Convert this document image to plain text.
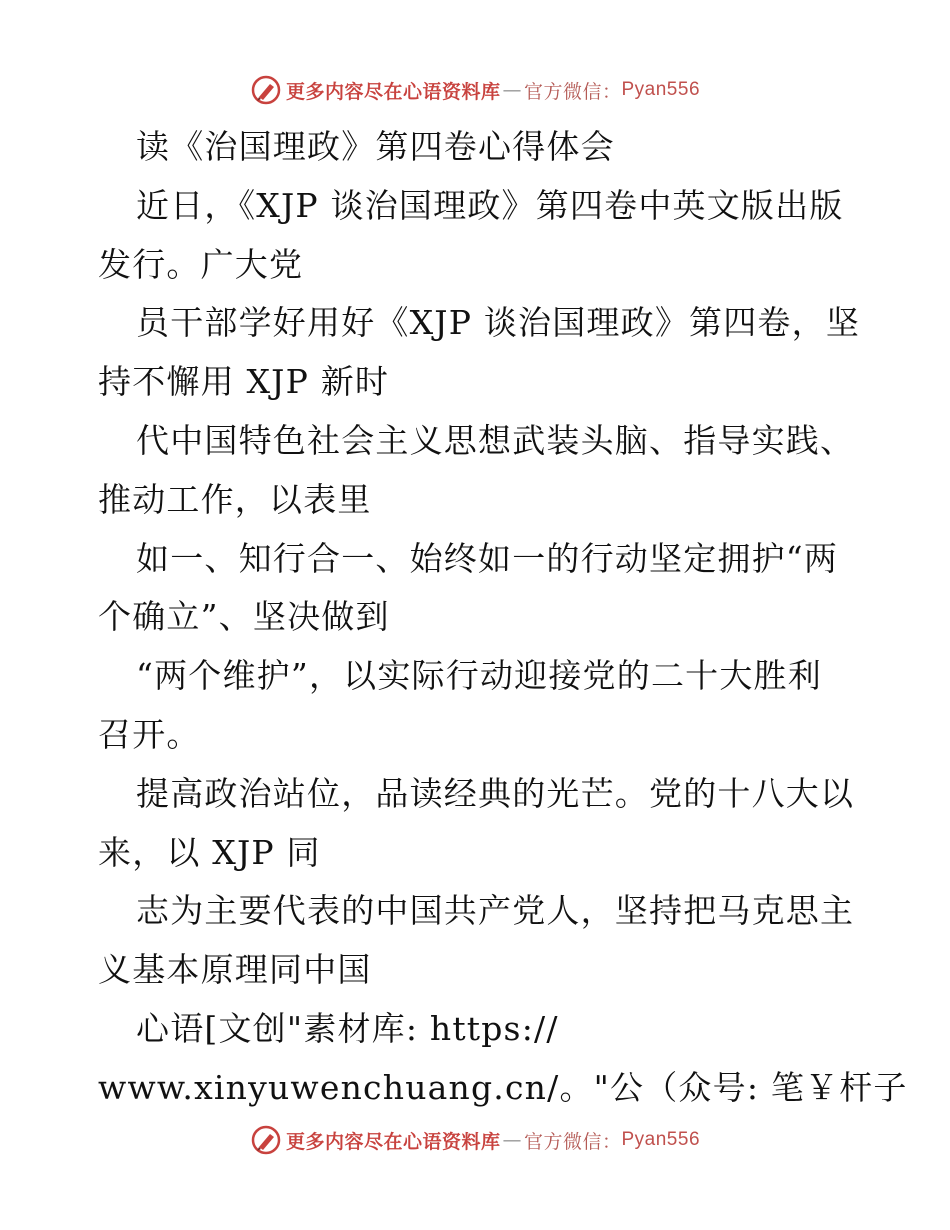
更多内容尽在心语资料库 — 官方微信： Pyan556
读《治国理政》第四卷心得体会
近日，《XJP 谈治国理政》第四卷中英文版出版
发行。广大党
员干部学好用好《XJP 谈治国理政》第四卷，坚
持不懈用 XJP 新时
代中国特色社会主义思想武装头脑、指导实践、
推动工作，以表里
如一、知行合一、始终如一的行动坚定拥护“两
个确立”、坚决做到
“两个维护”，以实际行动迎接党的二十大胜利
召开。
提高政治站位，品读经典的光芒。党的十八大以
来，以 XJP 同
志为主要代表的中国共产党人，坚持把马克思主
义基本原理同中国
心语[文创"素材库: https://
www.xinyuwenchuang.cn/。"公（众号: 笔￥杆子
更多内容尽在心语资料库 — 官方微信： Pyan556
